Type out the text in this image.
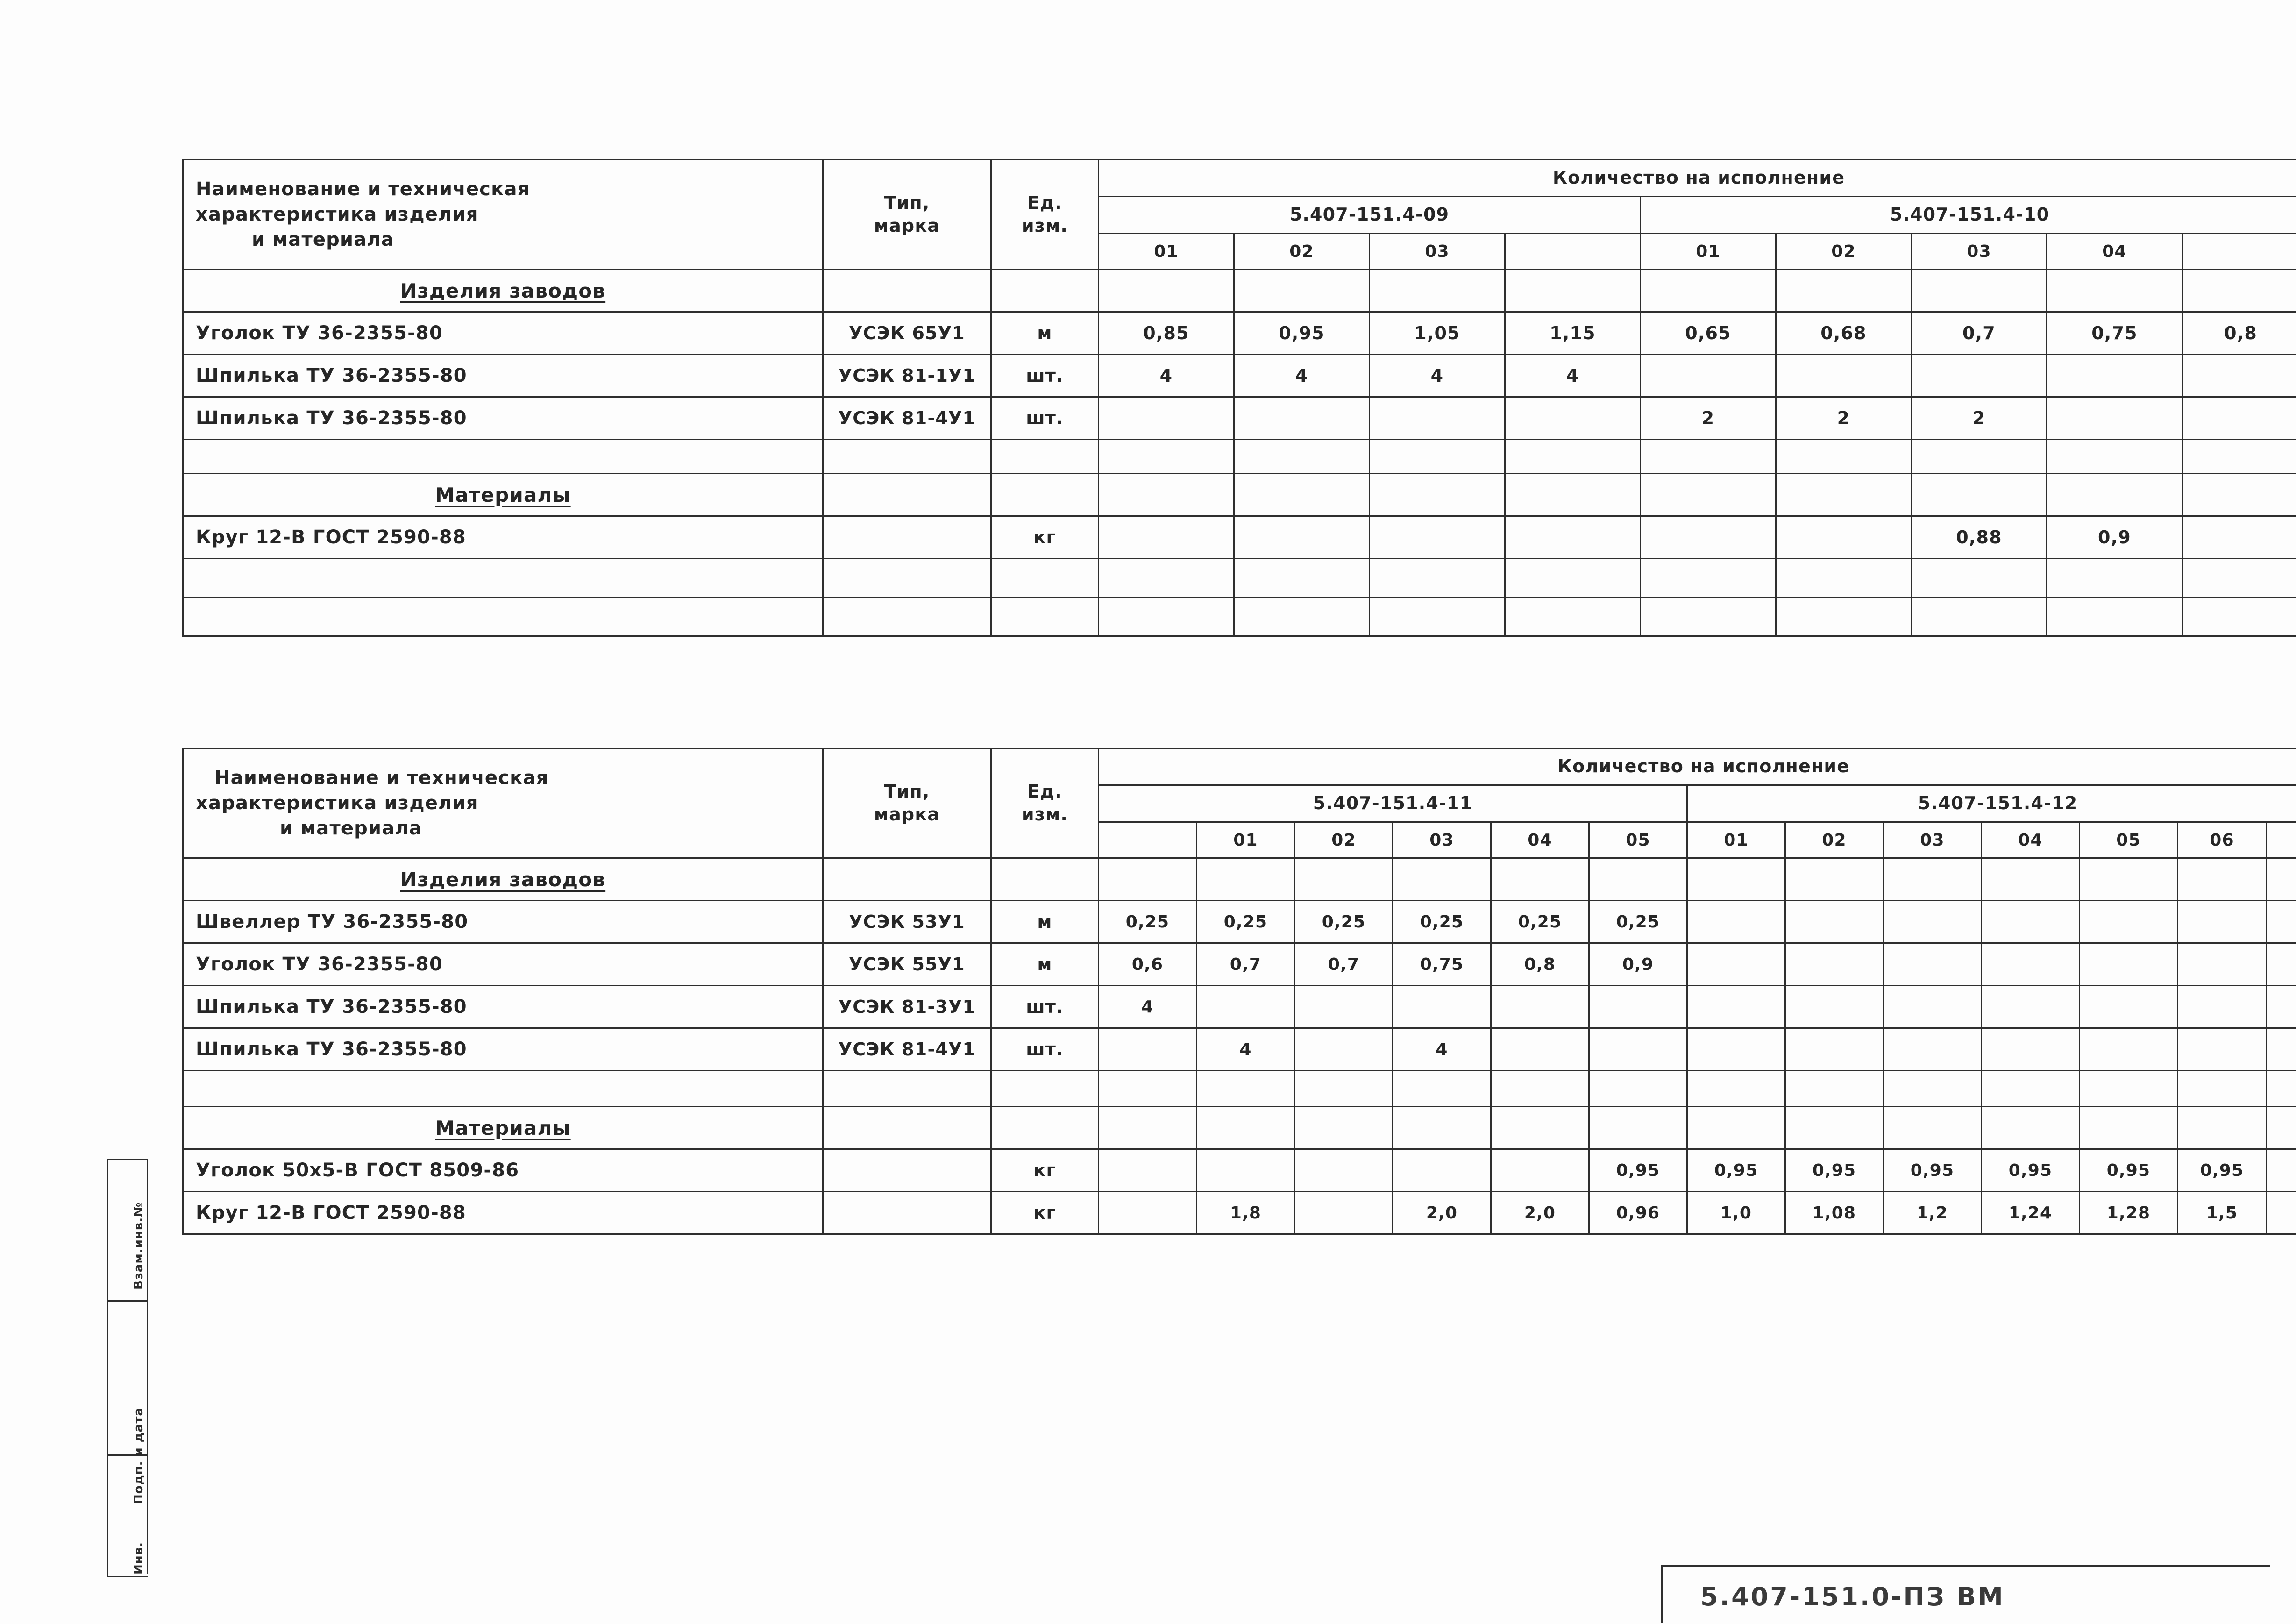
Наименование и техническая
характеристика изделия
и материала

Тип,
марка

Ед.
изм.
	Количество на исполнение
			5.407-151.4-09				5.407-151.4-10				
			01	02	03		01	02	03	04	
Изделия заводов											
Уголок ТУ 36-2355-80	УСЭК 65У1	м	0,85	0,95	1,05	1,15	0,65	0,68	0,7	0,75	0,8
Шпилька ТУ 36-2355-80	УСЭК 81-1У1	шт.	4	4	4	4					
Шпилька ТУ 36-2355-80	УСЭК 81-4У1	шт.					2	2	2		

Материалы											
Круг 12-В ГОСТ 2590-88		кг							0,88	0,9	

Наименование и техническая
характеристика изделия
и материала

Тип,
марка

Ед.
изм.
	Количество на исполнение
			5.407-151.4-11						5.407-151.4-12						
				01	02	03	04	05	01	02	03	04	05	06	
Изделия заводов															
Швеллер ТУ 36-2355-80	УСЭК 53У1	м	0,25	0,25	0,25	0,25	0,25	0,25							
Уголок ТУ 36-2355-80	УСЭК 55У1	м	0,6	0,7	0,7	0,75	0,8	0,9							
Шпилька ТУ 36-2355-80	УСЭК 81-3У1	шт.	4												
Шпилька ТУ 36-2355-80	УСЭК 81-4У1	шт.		4		4									

Материалы															
Уголок 50х5-В ГОСТ 8509-86		кг						0,95	0,95	0,95	0,95	0,95	0,95	0,95	
Круг 12-В ГОСТ 2590-88		кг		1,8		2,0	2,0	0,96	1,0	1,08	1,2	1,24	1,28	1,5	
Взам.инв.№
Подп. и дата
Инв.
5.407-151.0-ПЗ ВМ
